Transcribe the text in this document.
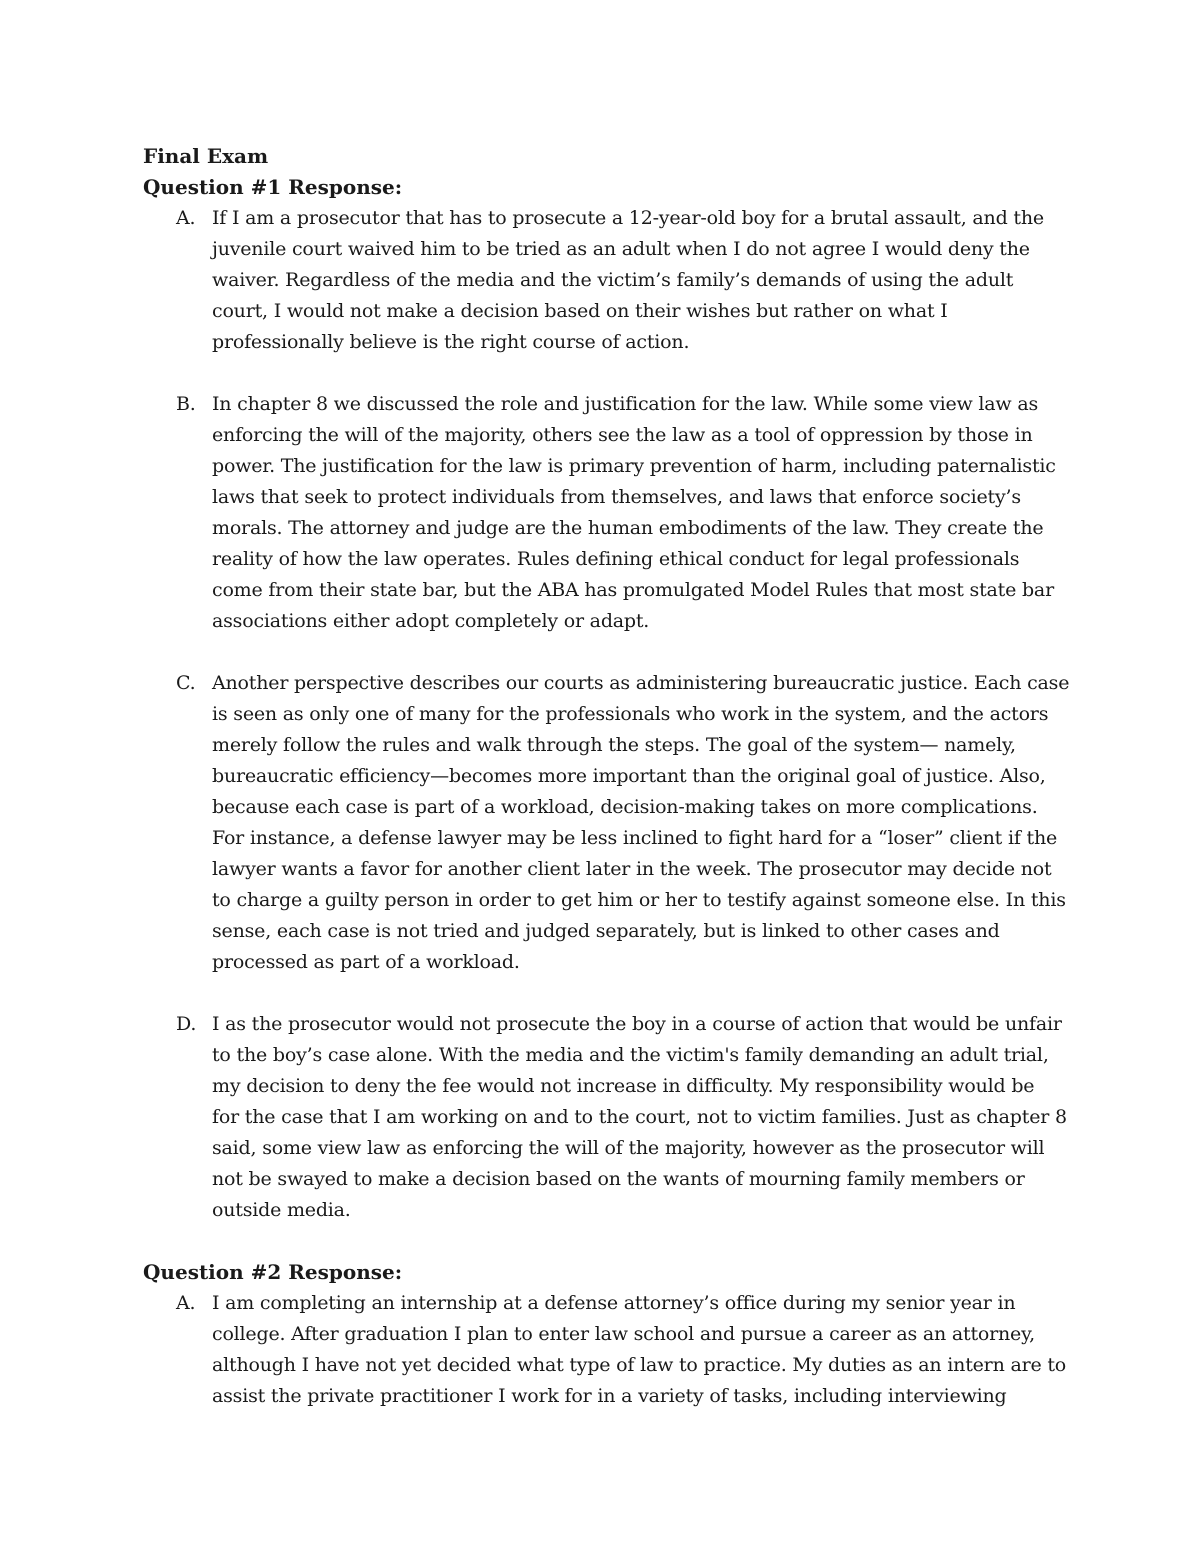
Final Exam

Question #1 Response:

A. If I am a prosecutor that has to prosecute a 12-year-old boy for a brutal assault, and the
juvenile court waived him to be tried as an adult when I do not agree I would deny the
waiver. Regardless of the media and the victim’s family’s demands of using the adult
court, I would not make a decision based on their wishes but rather on what I
professionally believe is the right course of action.
B. In chapter 8 we discussed the role and justification for the law. While some view law as
enforcing the will of the majority, others see the law as a tool of oppression by those in
power. The justification for the law is primary prevention of harm, including paternalistic
laws that seek to protect individuals from themselves, and laws that enforce society’s
morals. The attorney and judge are the human embodiments of the law. They create the
reality of how the law operates. Rules defining ethical conduct for legal professionals
come from their state bar, but the ABA has promulgated Model Rules that most state bar
associations either adopt completely or adapt.
C. Another perspective describes our courts as administering bureaucratic justice. Each case
is seen as only one of many for the professionals who work in the system, and the actors
merely follow the rules and walk through the steps. The goal of the system— namely,
bureaucratic efficiency—becomes more important than the original goal of justice. Also,
because each case is part of a workload, decision-making takes on more complications.
For instance, a defense lawyer may be less inclined to fight hard for a “loser” client if the
lawyer wants a favor for another client later in the week. The prosecutor may decide not
to charge a guilty person in order to get him or her to testify against someone else. In this
sense, each case is not tried and judged separately, but is linked to other cases and
processed as part of a workload.
D. I as the prosecutor would not prosecute the boy in a course of action that would be unfair
to the boy’s case alone. With the media and the victim's family demanding an adult trial,
my decision to deny the fee would not increase in difficulty. My responsibility would be
for the case that I am working on and to the court, not to victim families. Just as chapter 8
said, some view law as enforcing the will of the majority, however as the prosecutor will
not be swayed to make a decision based on the wants of mourning family members or
outside media.

Question #2 Response:

A. I am completing an internship at a defense attorney’s office during my senior year in
college. After graduation I plan to enter law school and pursue a career as an attorney,
although I have not yet decided what type of law to practice. My duties as an intern are to
assist the private practitioner I work for in a variety of tasks, including interviewing
